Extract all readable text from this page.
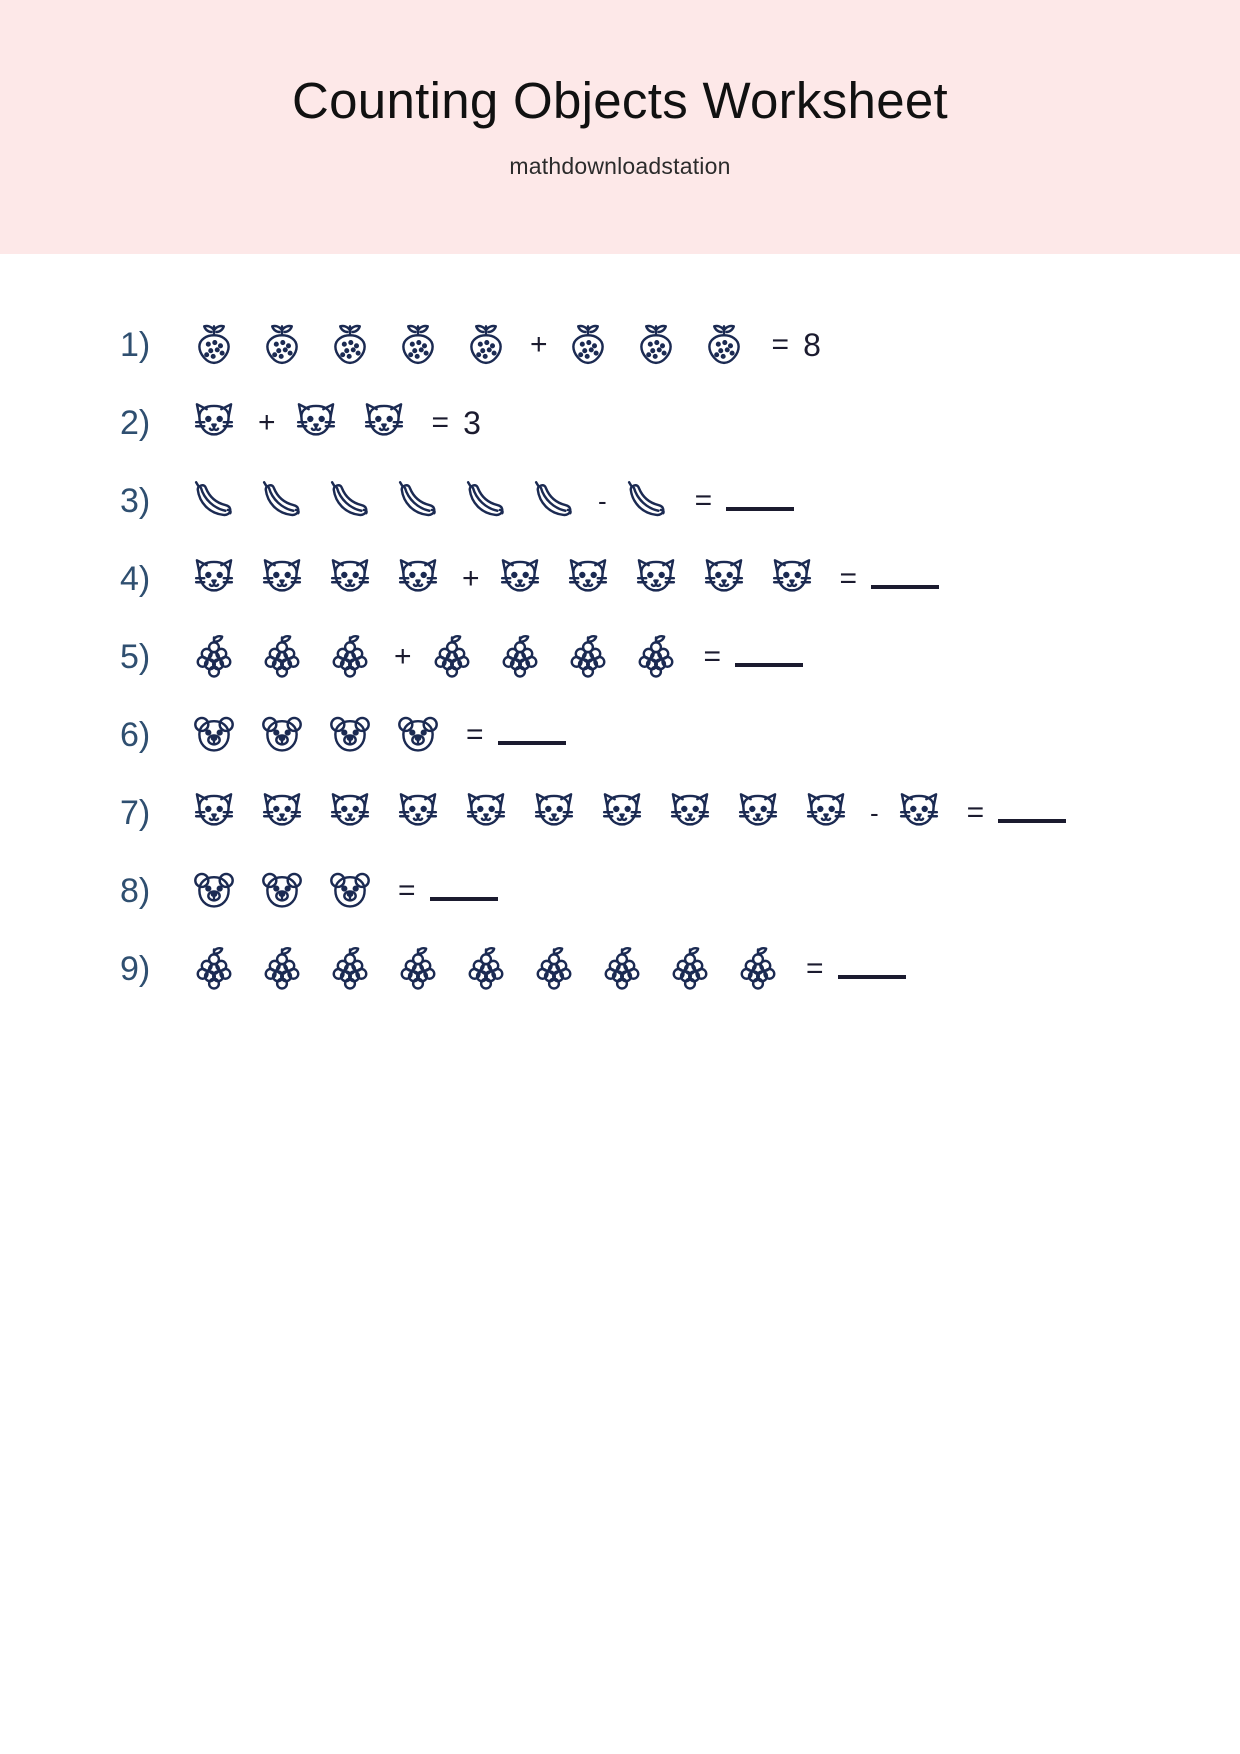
Counting Objects Worksheet
mathdownloadstation
1)	+	= 8
2)	+	= 3
3)	-	=
4)	+	=
5)	+	=
6)	=
7)	-	=
8)	=
9)	=
